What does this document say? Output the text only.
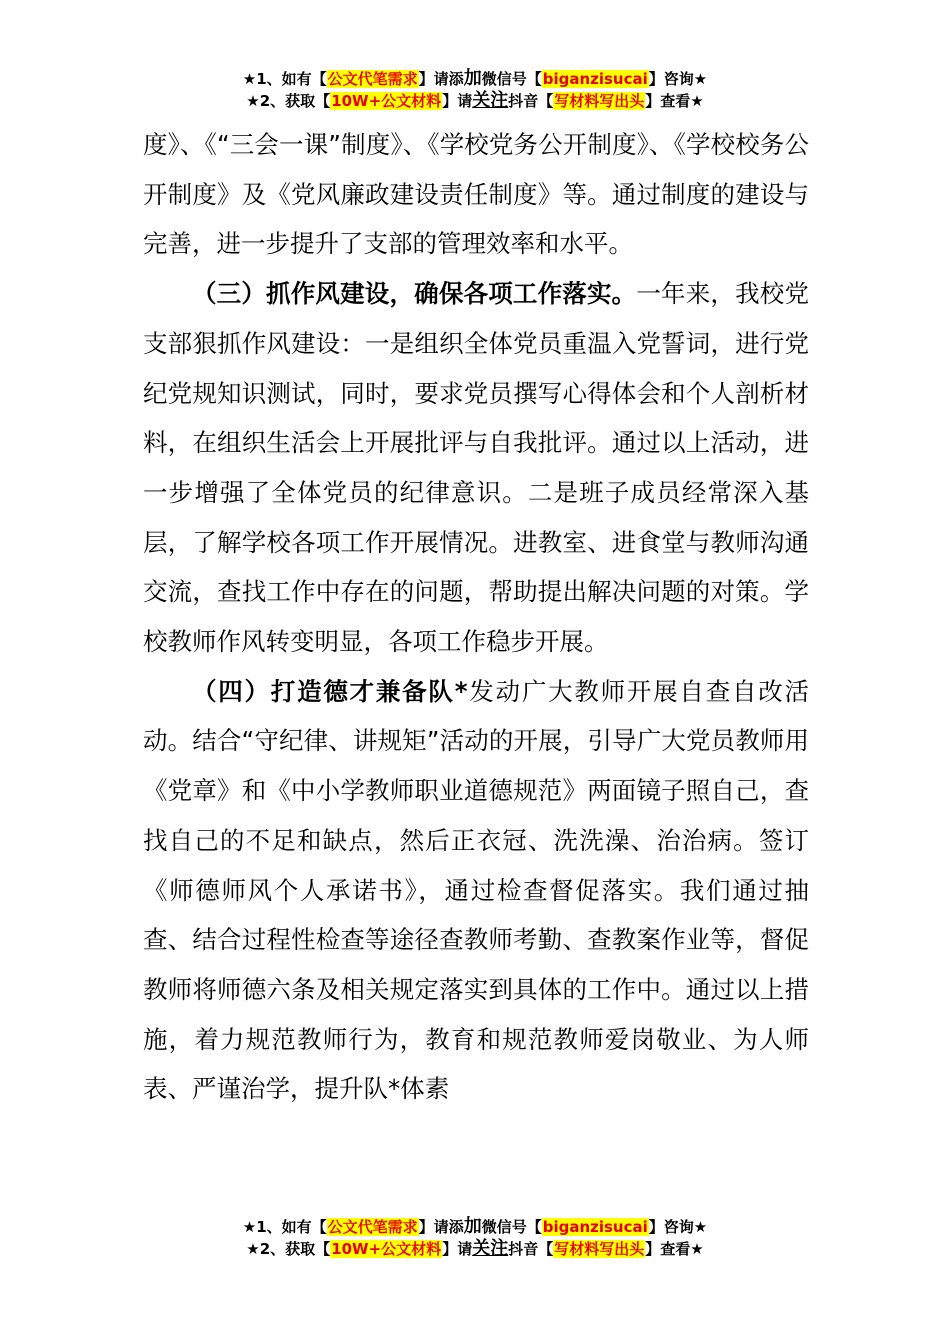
★1、如有【公文代笔需求】请添加微信号【biganzisucai】咨询★
★2、获取【10W+公文材料】请关注抖音【写材料写出头】查看★

度》、《“三会一课”制度》、《学校党务公开制度》、《学校校务公开制度》及《党风廉政建设责任制度》等。通过制度的建设与完善，进一步提升了支部的管理效率和水平。

（三）抓作风建设，确保各项工作落实。一年来，我校党支部狠抓作风建设：一是组织全体党员重温入党誓词，进行党纪党规知识测试，同时，要求党员撰写心得体会和个人剖析材料，在组织生活会上开展批评与自我批评。通过以上活动，进一步增强了全体党员的纪律意识。二是班子成员经常深入基层，了解学校各项工作开展情况。进教室、进食堂与教师沟通交流，查找工作中存在的问题，帮助提出解决问题的对策。学校教师作风转变明显，各项工作稳步开展。

（四）打造德才兼备队*发动广大教师开展自查自改活动。结合“守纪律、讲规矩”活动的开展，引导广大党员教师用《党章》和《中小学教师职业道德规范》两面镜子照自己，查找自己的不足和缺点，然后正衣冠、洗洗澡、治治病。签订《师德师风个人承诺书》，通过检查督促落实。我们通过抽查、结合过程性检查等途径查教师考勤、查教案作业等，督促教师将师德六条及相关规定落实到具体的工作中。通过以上措施，着力规范教师行为，教育和规范教师爱岗敬业、为人师表、严谨治学，提升队*体素

★1、如有【公文代笔需求】请添加微信号【biganzisucai】咨询★
★2、获取【10W+公文材料】请关注抖音【写材料写出头】查看★
